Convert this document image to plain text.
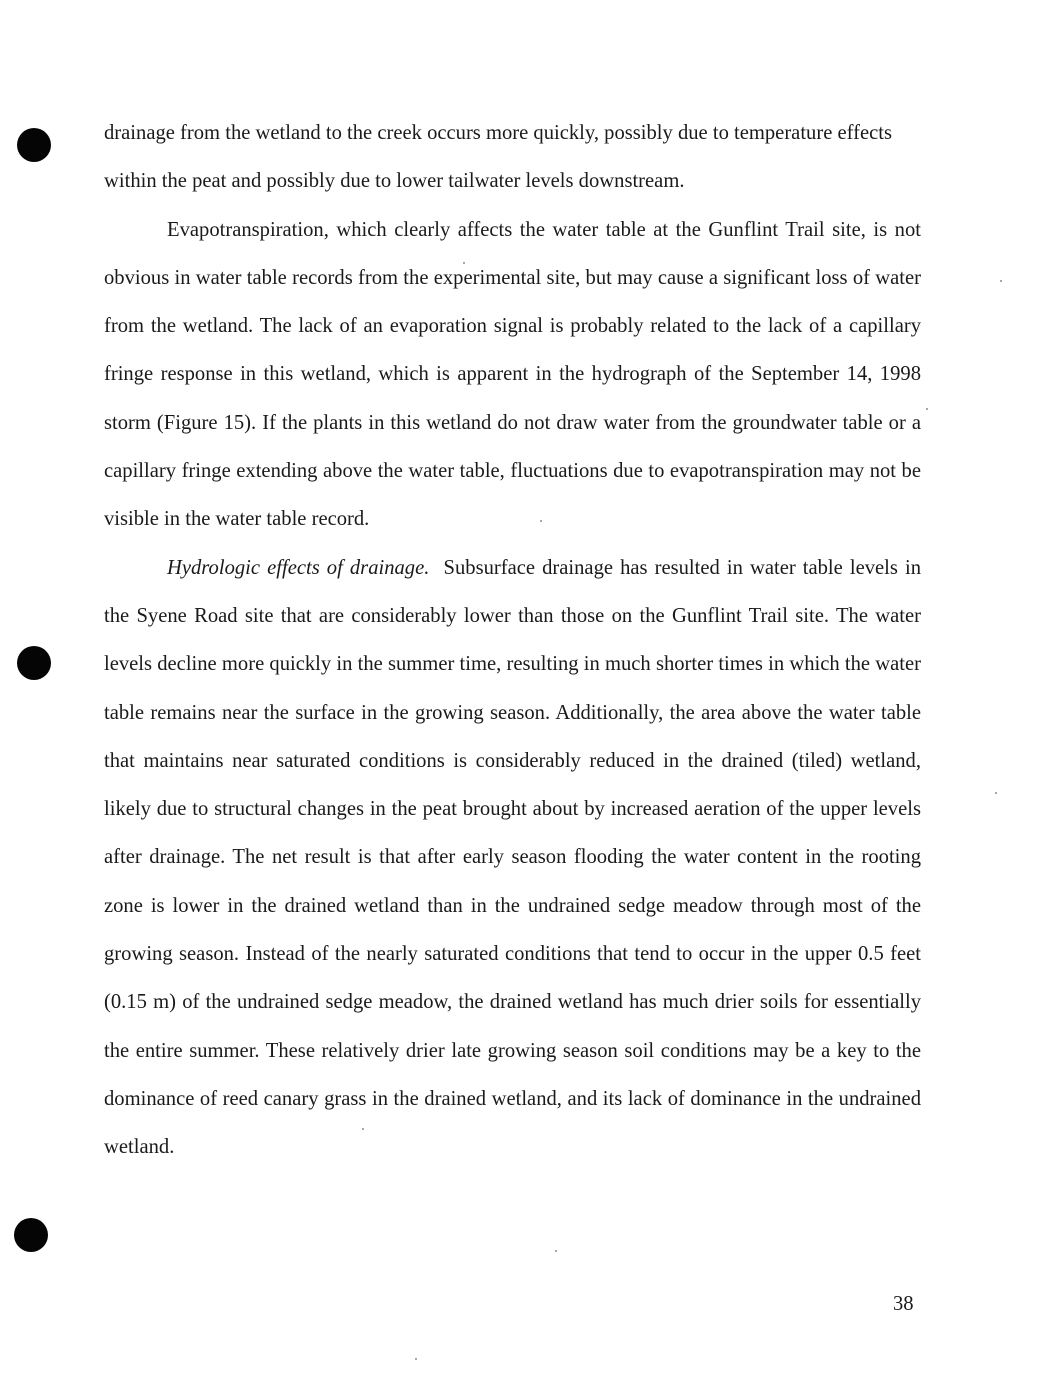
drainage from the wetland to the creek occurs more quickly, possibly due to temperature effects within the peat and possibly due to lower tailwater levels downstream.

Evapotranspiration, which clearly affects the water table at the Gunflint Trail site, is not obvious in water table records from the experimental site, but may cause a significant loss of water from the wetland. The lack of an evaporation signal is probably related to the lack of a capillary fringe response in this wetland, which is apparent in the hydrograph of the September 14, 1998 storm (Figure 15). If the plants in this wetland do not draw water from the groundwater table or a capillary fringe extending above the water table, fluctuations due to evapotranspiration may not be visible in the water table record.

Hydrologic effects of drainage. Subsurface drainage has resulted in water table levels in the Syene Road site that are considerably lower than those on the Gunflint Trail site. The water levels decline more quickly in the summer time, resulting in much shorter times in which the water table remains near the surface in the growing season. Additionally, the area above the water table that maintains near saturated conditions is considerably reduced in the drained (tiled) wetland, likely due to structural changes in the peat brought about by increased aeration of the upper levels after drainage. The net result is that after early season flooding the water content in the rooting zone is lower in the drained wetland than in the undrained sedge meadow through most of the growing season. Instead of the nearly saturated conditions that tend to occur in the upper 0.5 feet (0.15 m) of the undrained sedge meadow, the drained wetland has much drier soils for essentially the entire summer. These relatively drier late growing season soil conditions may be a key to the dominance of reed canary grass in the drained wetland, and its lack of dominance in the undrained wetland.

38
